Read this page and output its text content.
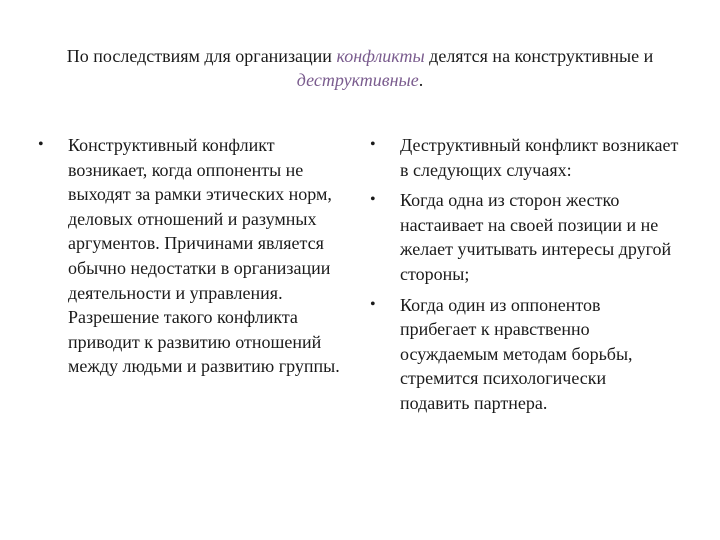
По последствиям для организации конфликты делятся на конструктивные и деструктивные.
• Конструктивный конфликт возникает, когда оппоненты не выходят за рамки этических норм, деловых отношений и разумных аргументов. Причинами является обычно недостатки в организации деятельности и управления. Разрешение такого конфликта приводит к развитию отношений между людьми и развитию группы.
• Деструктивный конфликт возникает в следующих случаях:
• Когда одна из сторон жестко настаивает на своей позиции и не желает учитывать интересы другой стороны;
• Когда один из оппонентов прибегает к нравственно осуждаемым методам борьбы, стремится психологически подавить партнера.
